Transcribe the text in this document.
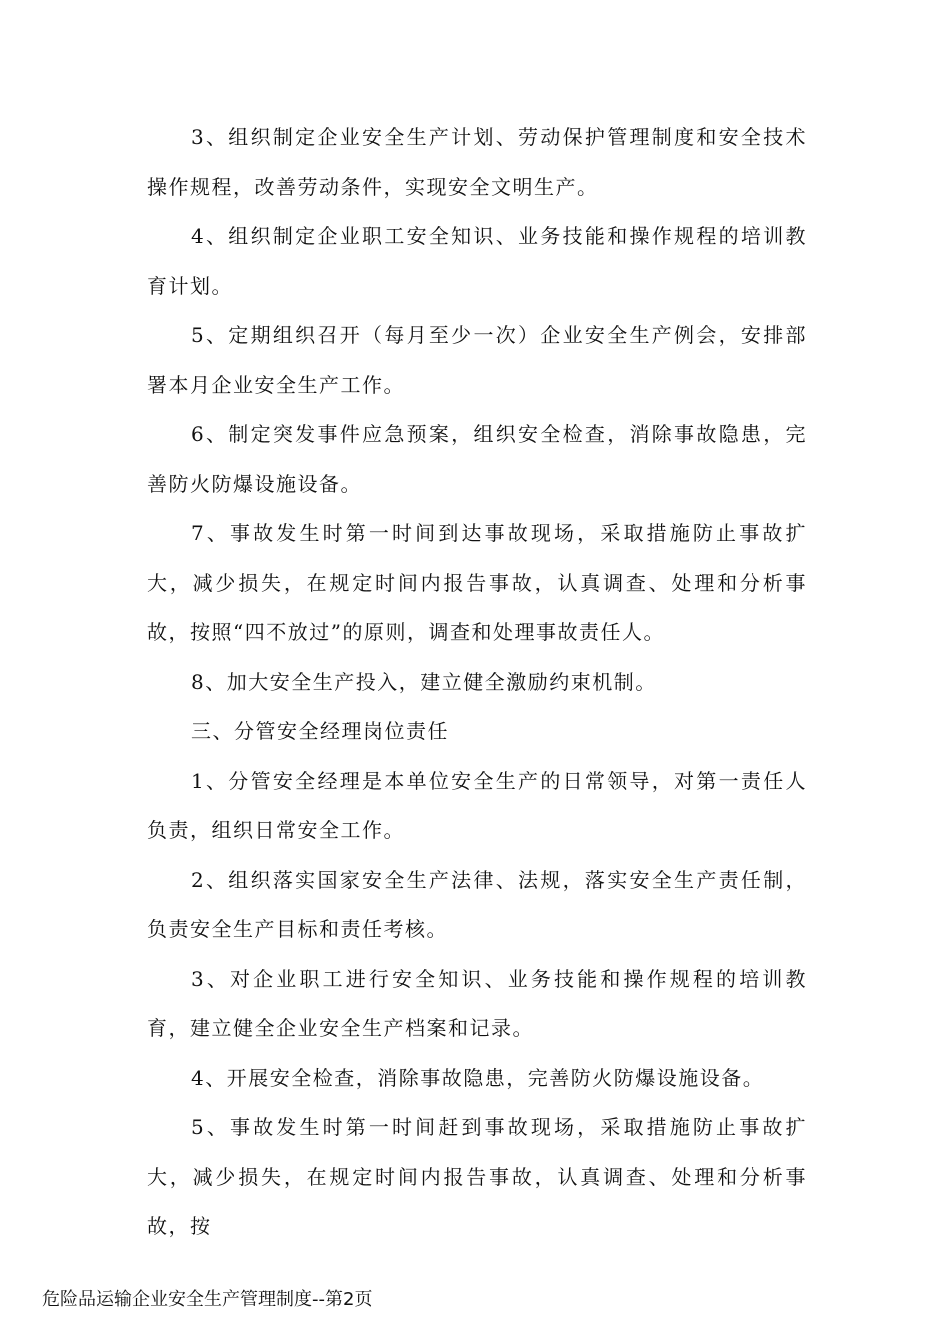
3、组织制定企业安全生产计划、劳动保护管理制度和安全技术操作规程，改善劳动条件，实现安全文明生产。

4、组织制定企业职工安全知识、业务技能和操作规程的培训教育计划。

5、定期组织召开（每月至少一次）企业安全生产例会，安排部署本月企业安全生产工作。

6、制定突发事件应急预案，组织安全检查，消除事故隐患，完善防火防爆设施设备。

7、事故发生时第一时间到达事故现场，采取措施防止事故扩大，减少损失，在规定时间内报告事故，认真调查、处理和分析事故，按照“四不放过”的原则，调查和处理事故责任人。

8、加大安全生产投入，建立健全激励约束机制。

三、分管安全经理岗位责任

1、分管安全经理是本单位安全生产的日常领导，对第一责任人负责，组织日常安全工作。

2、组织落实国家安全生产法律、法规，落实安全生产责任制，负责安全生产目标和责任考核。

3、对企业职工进行安全知识、业务技能和操作规程的培训教育，建立健全企业安全生产档案和记录。

4、开展安全检查，消除事故隐患，完善防火防爆设施设备。

5、事故发生时第一时间赶到事故现场，采取措施防止事故扩大，减少损失，在规定时间内报告事故，认真调查、处理和分析事故，按

危险品运输企业安全生产管理制度--第2页
